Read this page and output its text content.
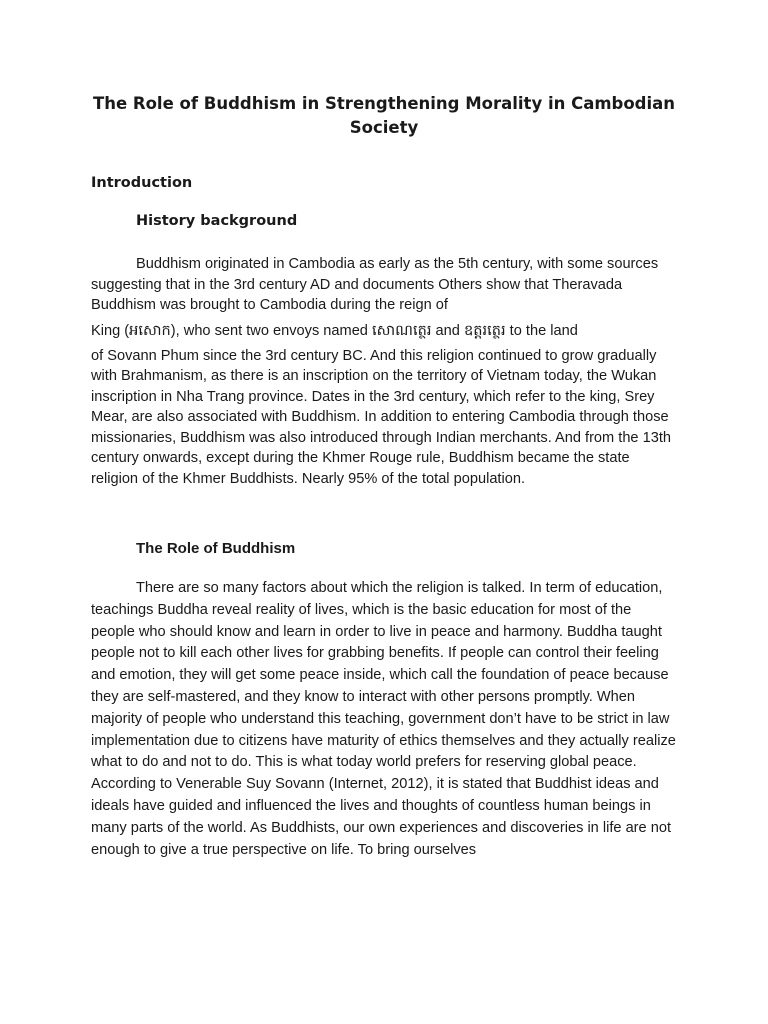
The Role of Buddhism in Strengthening Morality in Cambodian Society
Introduction
History background

Buddhism originated in Cambodia as early as the 5th century, with some sources suggesting that in the 3rd century AD and documents Others show that Theravada Buddhism was brought to Cambodia during the reign of
King (អសោក), who sent two envoys named សោណត្ថេរ and ឧត្តរត្ថេរ to the land
of Sovann Phum since the 3rd century BC. And this religion continued to grow gradually with Brahmanism, as there is an inscription on the territory of Vietnam today, the Wukan inscription in Nha Trang province. Dates in the 3rd century, which refer to the king, Srey Mear, are also associated with Buddhism. In addition to entering Cambodia through those missionaries, Buddhism was also introduced through Indian merchants. And from the 13th century onwards, except during the Khmer Rouge rule, Buddhism became the state religion of the Khmer Buddhists. Nearly 95% of the total population.

The Role of Buddhism

There are so many factors about which the religion is talked. In term of education, teachings Buddha reveal reality of lives, which is the basic education for most of the people who should know and learn in order to live in peace and harmony. Buddha taught people not to kill each other lives for grabbing benefits. If people can control their feeling and emotion, they will get some peace inside, which call the foundation of peace because they are self-mastered, and they know to interact with other persons promptly. When majority of people who understand this teaching, government don’t have to be strict in law implementation due to citizens have maturity of ethics themselves and they actually realize what to do and not to do. This is what today world prefers for reserving global peace. According to Venerable Suy Sovann (Internet, 2012), it is stated that Buddhist ideas and ideals have guided and influenced the lives and thoughts of countless human beings in many parts of the world. As Buddhists, our own experiences and discoveries in life are not enough to give a true perspective on life. To bring ourselves
